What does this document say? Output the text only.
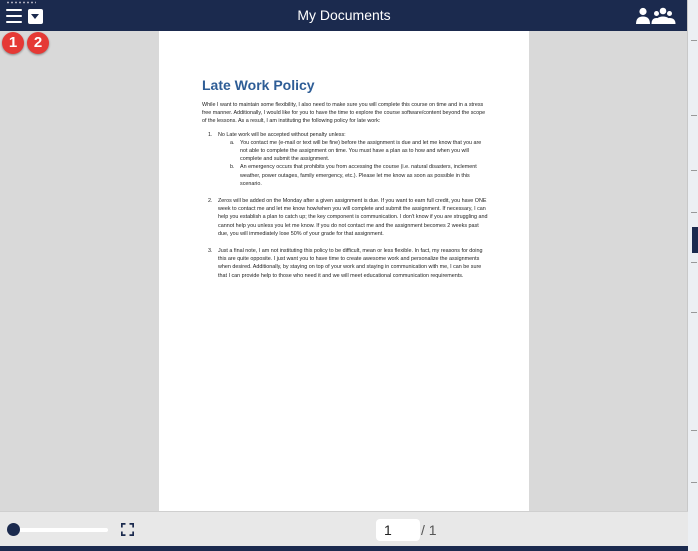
My Documents
1	2
Late Work Policy

While I want to maintain some flexibility, I also need to make sure you will complete this course on time and in a stress free manner. Additionally, I would like for you to have the time to explore the course software/content beyond the scope of the lessons. As a result, I am instituting the following policy for late work:

1. No Late work will be accepted without penalty unless:
a. You contact me (e-mail or text will be fine) before the assignment is due and let me know that you are not able to complete the assignment on time. You must have a plan as to how and when you will complete and submit the assignment.
b. An emergency occurs that prohibits you from accessing the course (i.e. natural disasters, inclement weather, power outages, family emergency, etc.). Please let me know as soon as possible in this scenario.
2. Zeros will be added on the Monday after a given assignment is due. If you want to earn full credit, you have ONE week to contact me and let me know how/when you will complete and submit the assignment. If necessary, I can help you establish a plan to catch up; the key component is communication. I don't know if you are struggling and cannot help you unless you let me know. If you do not contact me and the assignment becomes 2 weeks past due, you will immediately lose 50% of your grade for that assignment.
3. Just a final note, I am not instituting this policy to be difficult, mean or less flexible. In fact, my reasons for doing this are quite opposite. I just want you to have time to create awesome work and personalize the assignments when desired. Additionally, by staying on top of your work and staying in communication with me, I can be sure that I can provide help to those who need it and we will meet educational communication requirements.
1
/ 1
